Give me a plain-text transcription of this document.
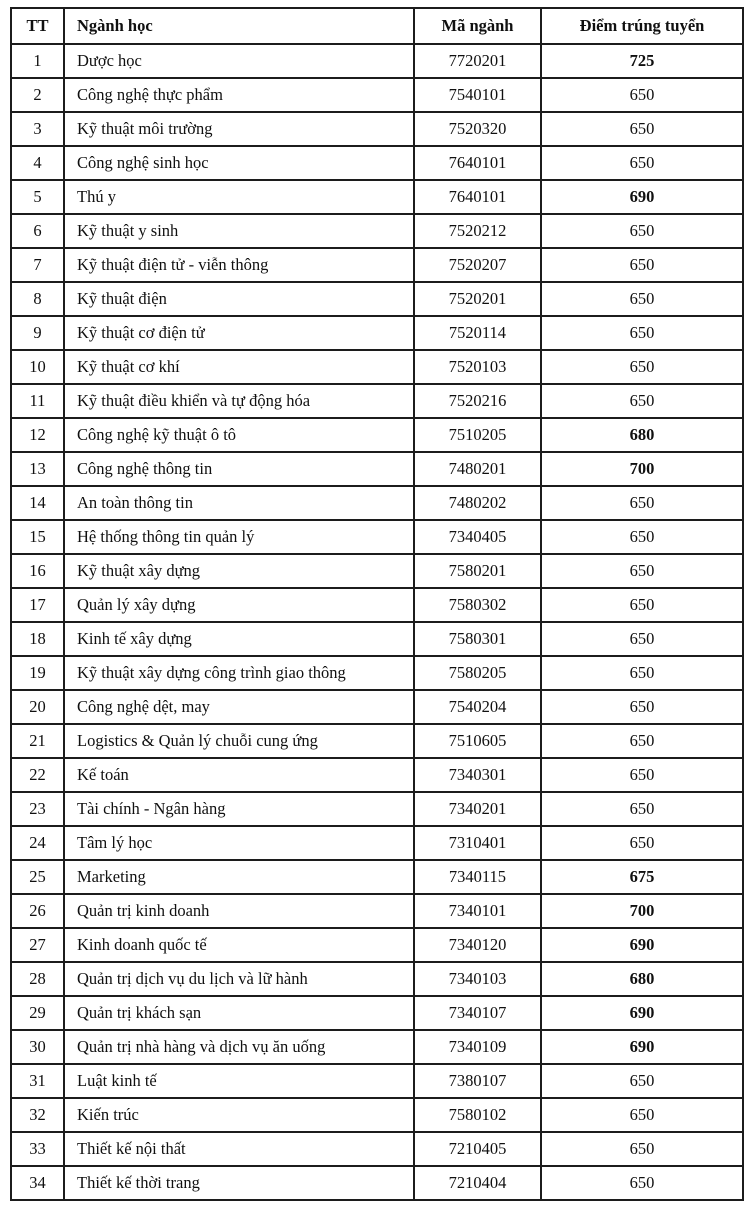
TT	Ngành học	Mã ngành	Điểm trúng tuyển
1	Dược học	7720201	725
2	Công nghệ thực phẩm	7540101	650
3	Kỹ thuật môi trường	7520320	650
4	Công nghệ sinh học	7640101	650
5	Thú y	7640101	690
6	Kỹ thuật y sinh	7520212	650
7	Kỹ thuật điện tử - viễn thông	7520207	650
8	Kỹ thuật điện	7520201	650
9	Kỹ thuật cơ điện tử	7520114	650
10	Kỹ thuật cơ khí	7520103	650
11	Kỹ thuật điều khiển và tự động hóa	7520216	650
12	Công nghệ kỹ thuật ô tô	7510205	680
13	Công nghệ thông tin	7480201	700
14	An toàn thông tin	7480202	650
15	Hệ thống thông tin quản lý	7340405	650
16	Kỹ thuật xây dựng	7580201	650
17	Quản lý xây dựng	7580302	650
18	Kinh tế xây dựng	7580301	650
19	Kỹ thuật xây dựng công trình giao thông	7580205	650
20	Công nghệ dệt, may	7540204	650
21	Logistics & Quản lý chuỗi cung ứng	7510605	650
22	Kế toán	7340301	650
23	Tài chính - Ngân hàng	7340201	650
24	Tâm lý học	7310401	650
25	Marketing	7340115	675
26	Quản trị kinh doanh	7340101	700
27	Kinh doanh quốc tế	7340120	690
28	Quản trị dịch vụ du lịch và lữ hành	7340103	680
29	Quản trị khách sạn	7340107	690
30	Quản trị nhà hàng và dịch vụ ăn uống	7340109	690
31	Luật kinh tế	7380107	650
32	Kiến trúc	7580102	650
33	Thiết kế nội thất	7210405	650
34	Thiết kế thời trang	7210404	650
